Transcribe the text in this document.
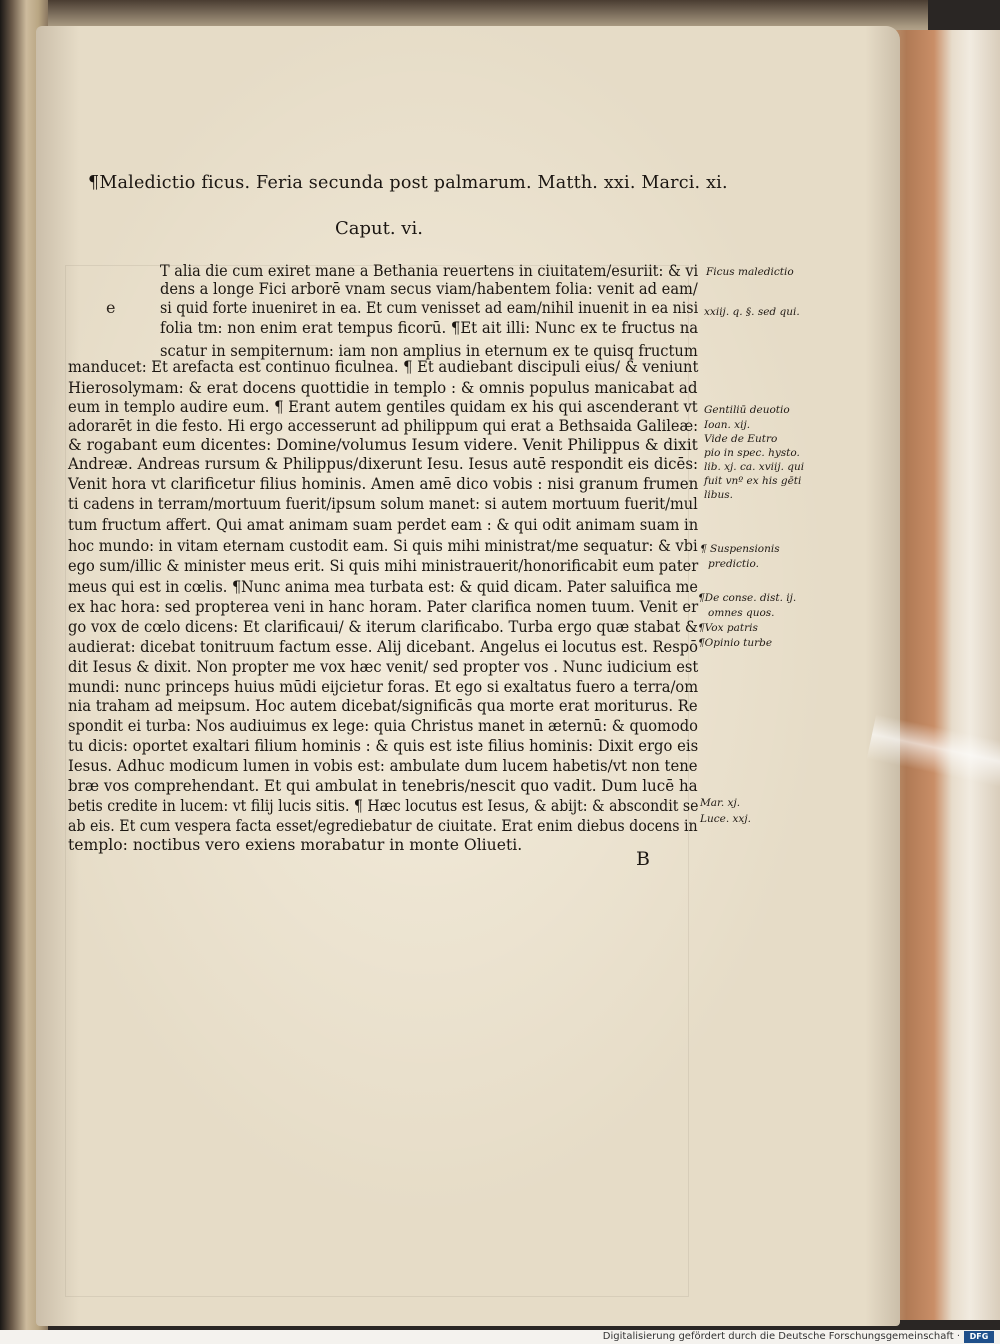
¶Maledictio ficus. Feria secunda post palmarum. Matth. xxi. Marci. xi.
Caput. vi.
e
T alia die cum exiret mane a Bethania reuertens in ciuitatem/esuriit: & vi
dens a longe Fici arborē vnam secus viam/habentem folia: venit ad eam/
si quid forte inueniret in ea. Et cum venisset ad eam/nihil inuenit in ea nisi
folia tm: non enim erat tempus ficorū. ¶Et ait illi: Nunc ex te fructus na
scatur in sempiternum: iam non amplius in eternum ex te quisq fructum
manducet: Et arefacta est continuo ficulnea. ¶ Et audiebant discipuli eius/ & veniunt
Hierosolymam: & erat docens quottidie in templo : & omnis populus manicabat ad
eum in templo audire eum. ¶ Erant autem gentiles quidam ex his qui ascenderant vt
adorarēt in die festo. Hi ergo accesserunt ad philippum qui erat a Bethsaida Galileæ:
& rogabant eum dicentes: Domine/volumus Iesum videre. Venit Philippus & dixit
Andreæ. Andreas rursum & Philippus/dixerunt Iesu. Iesus autē respondit eis dicēs:
Venit hora vt clarificetur filius hominis. Amen amē dico vobis : nisi granum frumen
ti cadens in terram/mortuum fuerit/ipsum solum manet: si autem mortuum fuerit/mul
tum fructum affert. Qui amat animam suam perdet eam : & qui odit animam suam in
hoc mundo: in vitam eternam custodit eam. Si quis mihi ministrat/me sequatur: & vbi
ego sum/illic & minister meus erit. Si quis mihi ministrauerit/honorificabit eum pater
meus qui est in cœlis. ¶Nunc anima mea turbata est: & quid dicam. Pater saluifica me
ex hac hora: sed propterea veni in hanc horam. Pater clarifica nomen tuum. Venit er
go vox de cœlo dicens: Et clarificaui/ & iterum clarificabo. Turba ergo quæ stabat &
audierat: dicebat tonitruum factum esse. Alij dicebant. Angelus ei locutus est. Respō
dit Iesus & dixit. Non propter me vox hæc venit/ sed propter vos . Nunc iudicium est
mundi: nunc princeps huius mūdi eijcietur foras. Et ego si exaltatus fuero a terra/om
nia traham ad meipsum. Hoc autem dicebat/significās qua morte erat moriturus. Re
spondit ei turba: Nos audiuimus ex lege: quia Christus manet in æternū: & quomodo
tu dicis: oportet exaltari filium hominis : & quis est iste filius hominis: Dixit ergo eis
Iesus. Adhuc modicum lumen in vobis est: ambulate dum lucem habetis/vt non tene
bræ vos comprehendant. Et qui ambulat in tenebris/nescit quo vadit. Dum lucē ha
betis credite in lucem: vt filij lucis sitis. ¶ Hæc locutus est Iesus, & abijt: & abscondit se
ab eis. Et cum vespera facta esset/egrediebatur de ciuitate. Erat enim diebus docens in
templo: noctibus vero exiens morabatur in monte Oliueti.
Ficus maledictio
xxiij. q. §. sed qui.
Gentiliū deuotio
Ioan. xij.
Vide de Eutro
pio in spec. hysto.
lib. xj. ca. xviij. qui
fuit vnº ex his gēti
libus.
¶ Suspensionis
predictio.
¶De conse. dist. ij.
omnes quos.
¶Vox patris
¶Opinio turbe
Mar. xj.
Luce. xxj.
B
Digitalisierung gefördert durch die Deutsche Forschungsgemeinschaft ·	DFG
